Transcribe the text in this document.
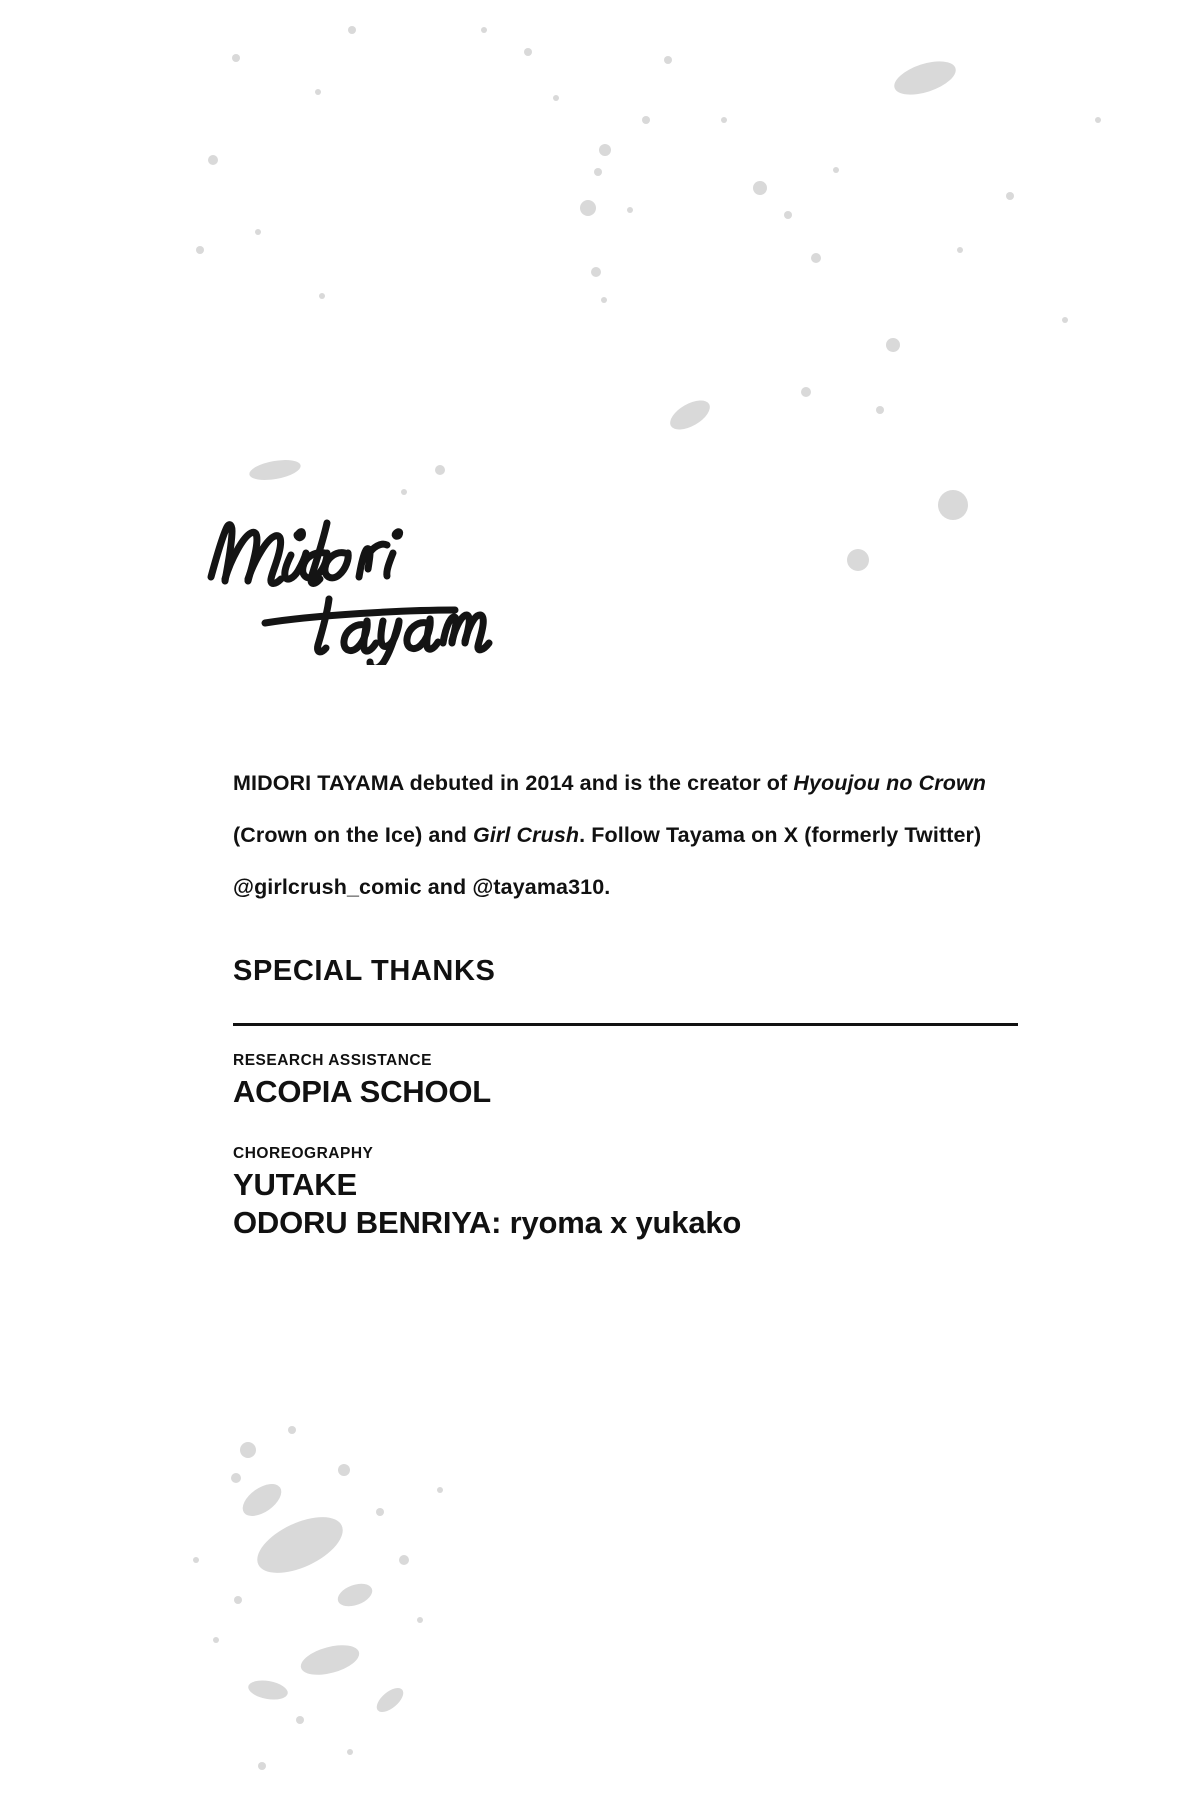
MIDORI TAYAMA debuted in 2014 and is the creator of Hyoujou no Crown (Crown on the Ice) and Girl Crush. Follow Tayama on X (formerly Twitter) @girlcrush_comic and @tayama310.

SPECIAL THANKS
RESEARCH ASSISTANCE
ACOPIA SCHOOL
CHOREOGRAPHY
YUTAKE
ODORU BENRIYA: ryoma x yukako
